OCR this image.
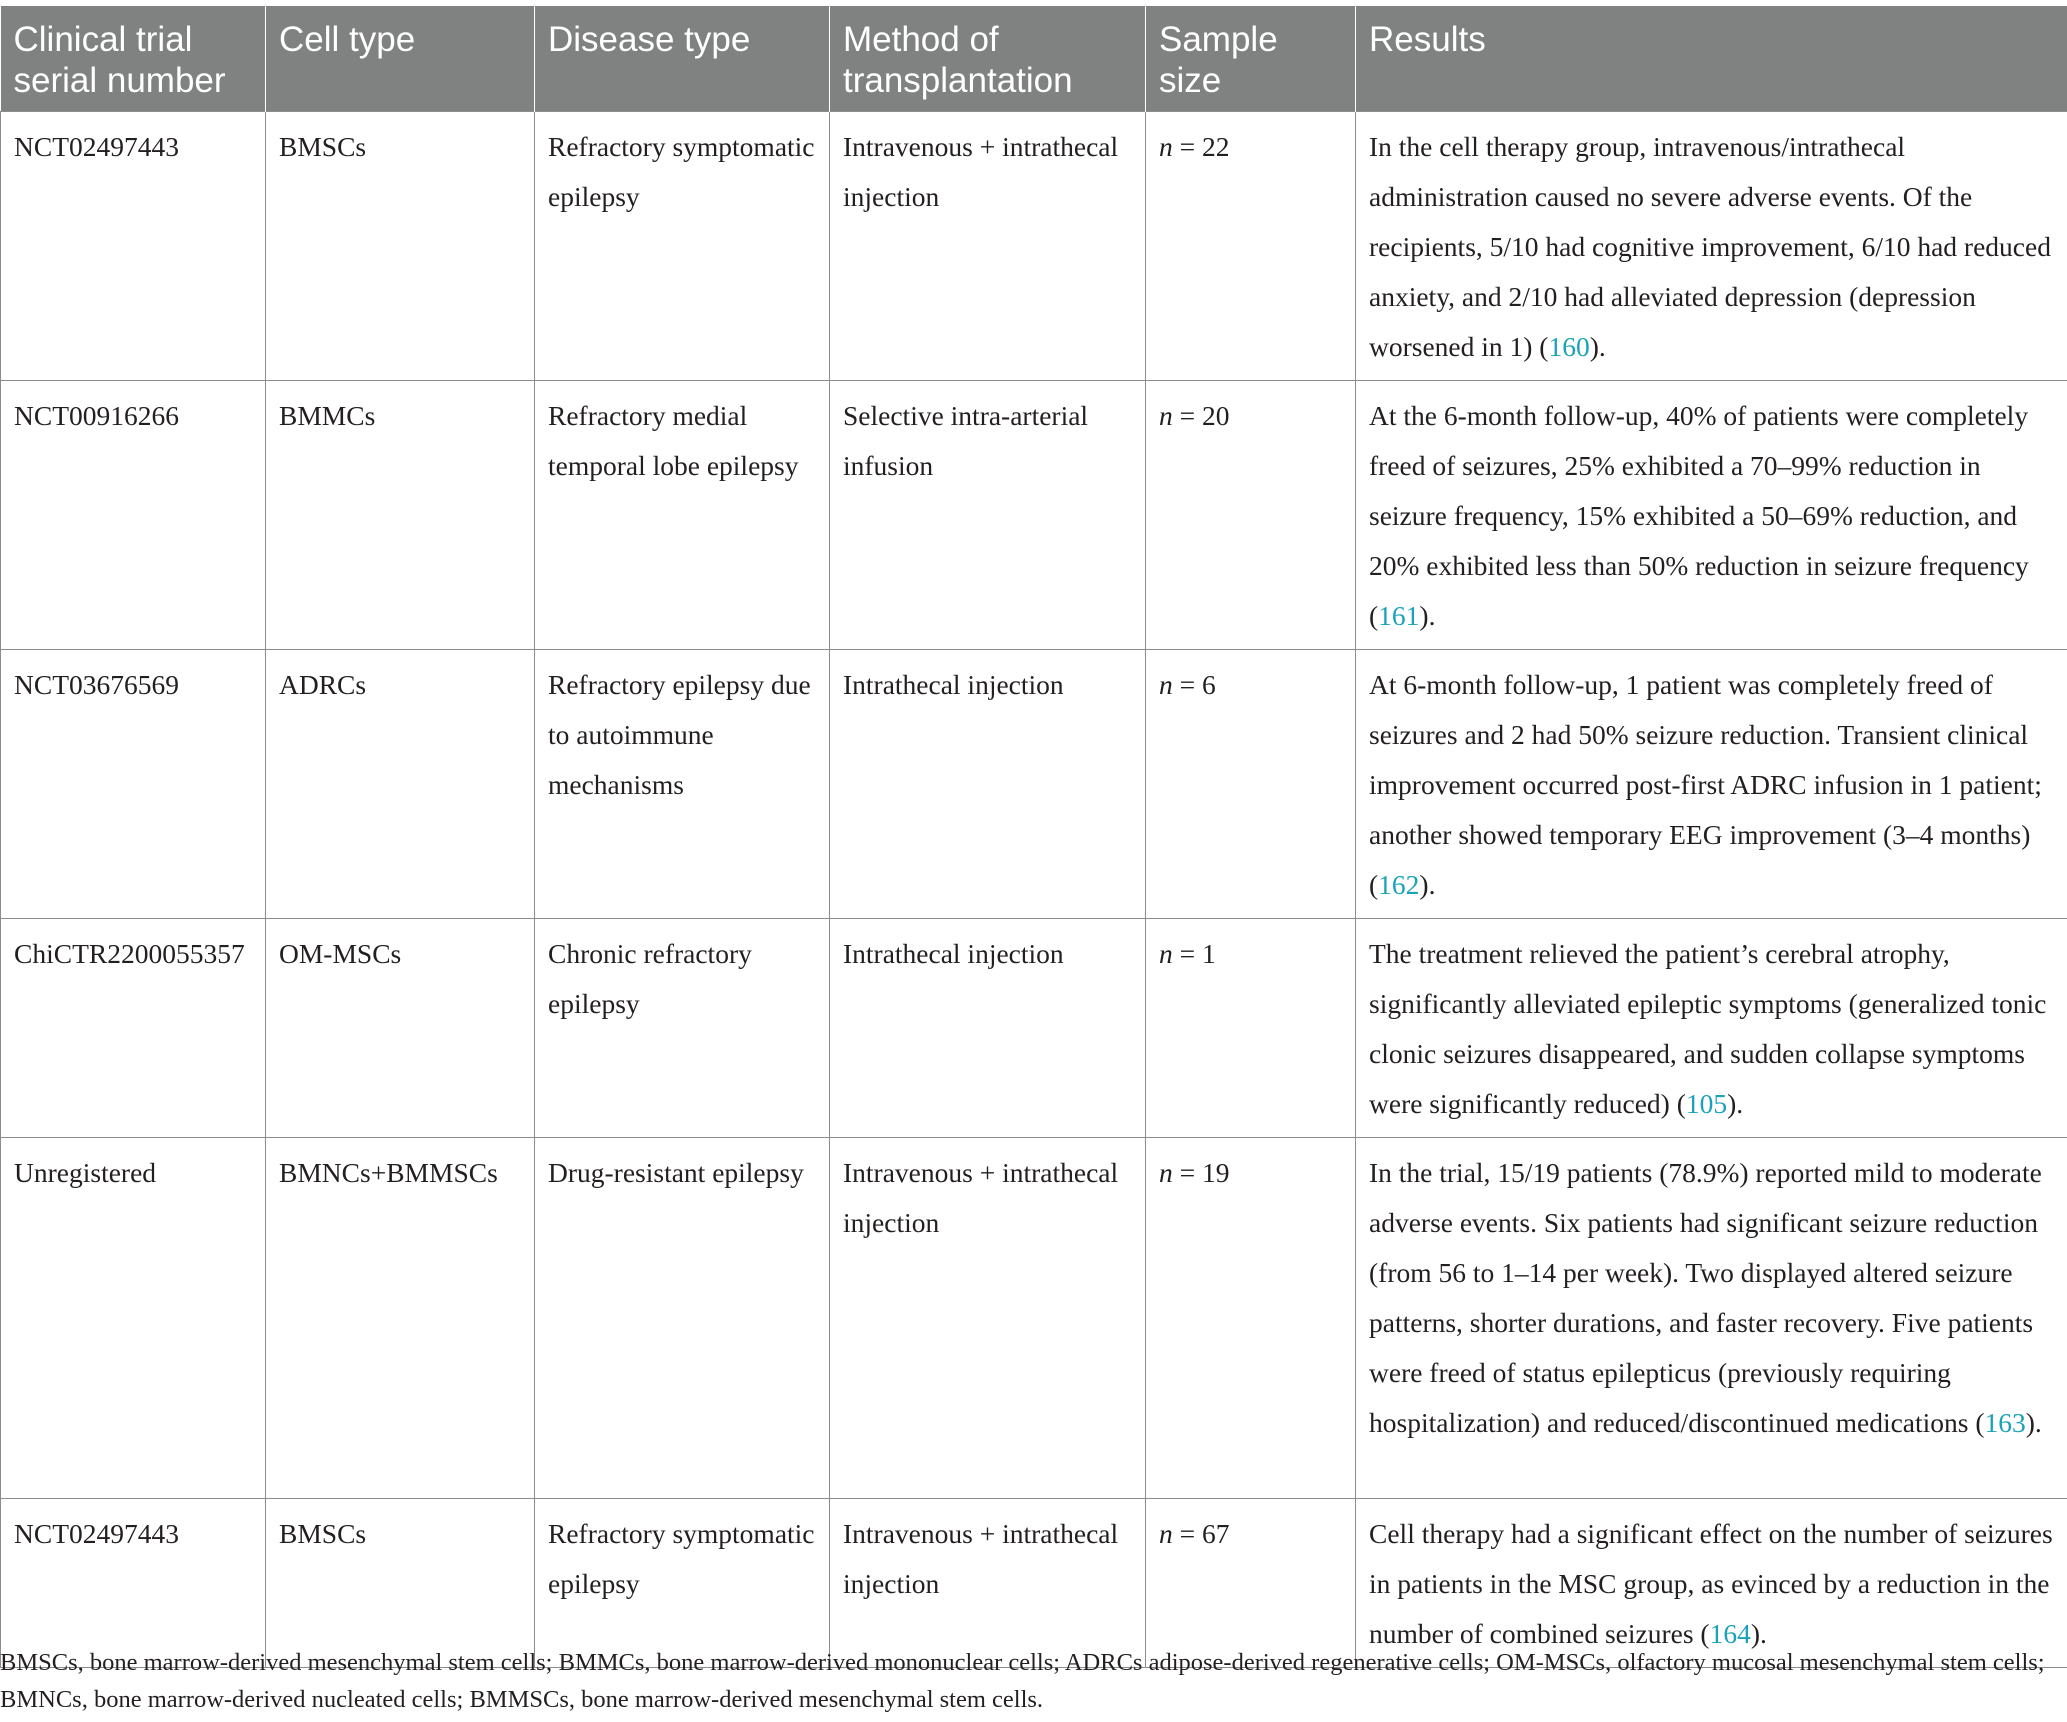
Clinical trial serial number	Cell type	Disease type	Method of transplantation	Sample size	Results
NCT02497443	BMSCs	Refractory symptomatic epilepsy	Intravenous + intrathecal injection	n = 22	In the cell therapy group, intravenous/intrathecal administration caused no severe adverse events. Of the recipients, 5/10 had cognitive improvement, 6/10 had reduced anxiety, and 2/10 had alleviated depression (depression worsened in 1) (160).
NCT00916266	BMMCs	Refractory medial temporal lobe epilepsy	Selective intra-arterial infusion	n = 20	At the 6-month follow-up, 40% of patients were completely freed of seizures, 25% exhibited a 70–99% reduction in seizure frequency, 15% exhibited a 50–69% reduction, and 20% exhibited less than 50% reduction in seizure frequency (161).
NCT03676569	ADRCs	Refractory epilepsy due to autoimmune mechanisms	Intrathecal injection	n = 6	At 6-month follow-up, 1 patient was completely freed of seizures and 2 had 50% seizure reduction. Transient clinical improvement occurred post-first ADRC infusion in 1 patient; another showed temporary EEG improvement (3–4 months) (162).
ChiCTR2200055357	OM-MSCs	Chronic refractory epilepsy	Intrathecal injection	n = 1	The treatment relieved the patient’s cerebral atrophy, significantly alleviated epileptic symptoms (generalized tonic clonic seizures disappeared, and sudden collapse symptoms were significantly reduced) (105).
Unregistered	BMNCs+BMMSCs	Drug-resistant epilepsy	Intravenous + intrathecal injection	n = 19	In the trial, 15/19 patients (78.9%) reported mild to moderate adverse events. Six patients had significant seizure reduction (from 56 to 1–14 per week). Two displayed altered seizure patterns, shorter durations, and faster recovery. Five patients were freed of status epilepticus (previously requiring hospitalization) and reduced/discontinued medications (163).
NCT02497443	BMSCs	Refractory symptomatic epilepsy	Intravenous + intrathecal injection	n = 67	Cell therapy had a significant effect on the number of seizures in patients in the MSC group, as evinced by a reduction in the number of combined seizures (164).
BMSCs, bone marrow-derived mesenchymal stem cells; BMMCs, bone marrow-derived mononuclear cells; ADRCs adipose-derived regenerative cells; OM-MSCs, olfactory mucosal mesenchymal stem cells; BMNCs, bone marrow-derived nucleated cells; BMMSCs, bone marrow-derived mesenchymal stem cells.
